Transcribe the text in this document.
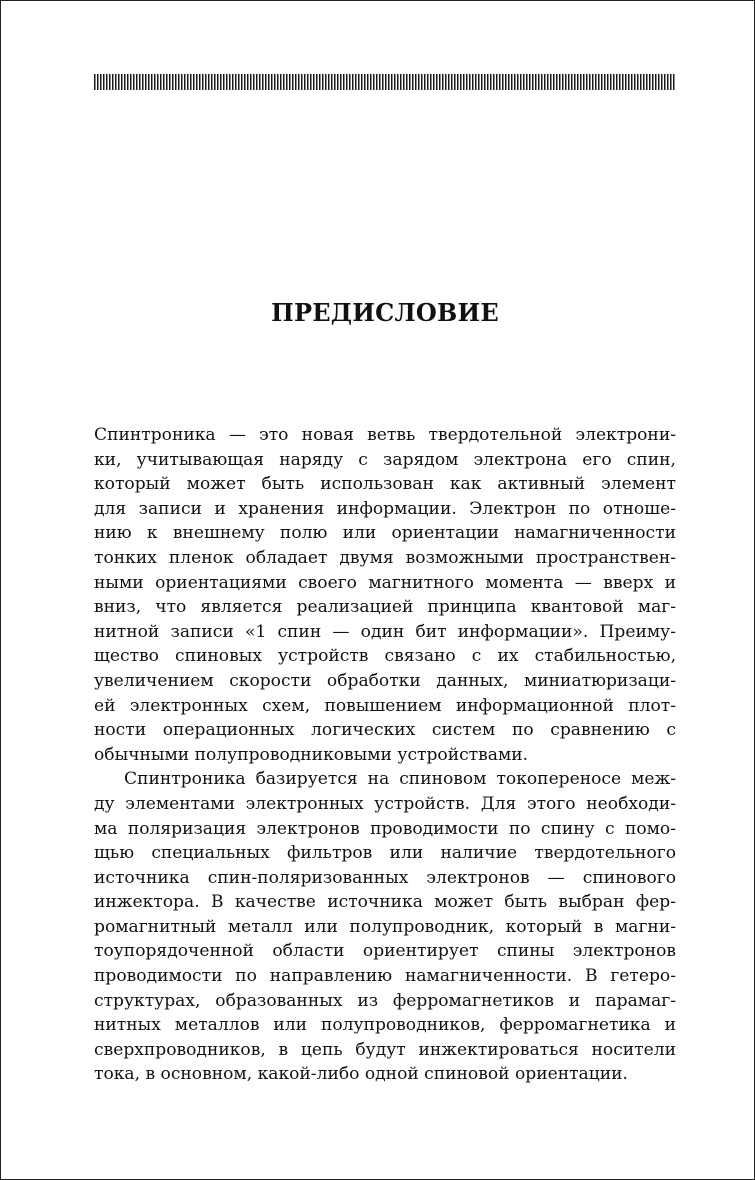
ПРЕДИСЛОВИЕ
Спинтроника — это новая ветвь твердотельной электрони-
ки, учитывающая наряду с зарядом электрона его спин,
который может быть использован как активный элемент
для записи и хранения информации. Электрон по отноше-
нию к внешнему полю или ориентации намагниченности
тонких пленок обладает двумя возможными пространствен-
ными ориентациями своего магнитного момента — вверх и
вниз, что является реализацией принципа квантовой маг-
нитной записи «1 спин — один бит информации». Преиму-
щество спиновых устройств связано с их стабильностью,
увеличением скорости обработки данных, миниатюризаци-
ей электронных схем, повышением информационной плот-
ности операционных логических систем по сравнению с
обычными полупроводниковыми устройствами.
Спинтроника базируется на спиновом токопереносе меж-
ду элементами электронных устройств. Для этого необходи-
ма поляризация электронов проводимости по спину с помо-
щью специальных фильтров или наличие твердотельного
источника спин-поляризованных электронов — спинового
инжектора. В качестве источника может быть выбран фер-
ромагнитный металл или полупроводник, который в магни-
тоупорядоченной области ориентирует спины электронов
проводимости по направлению намагниченности. В гетеро-
структурах, образованных из ферромагнетиков и парамаг-
нитных металлов или полупроводников, ферромагнетика и
сверхпроводников, в цепь будут инжектироваться носители
тока, в основном, какой-либо одной спиновой ориентации.
